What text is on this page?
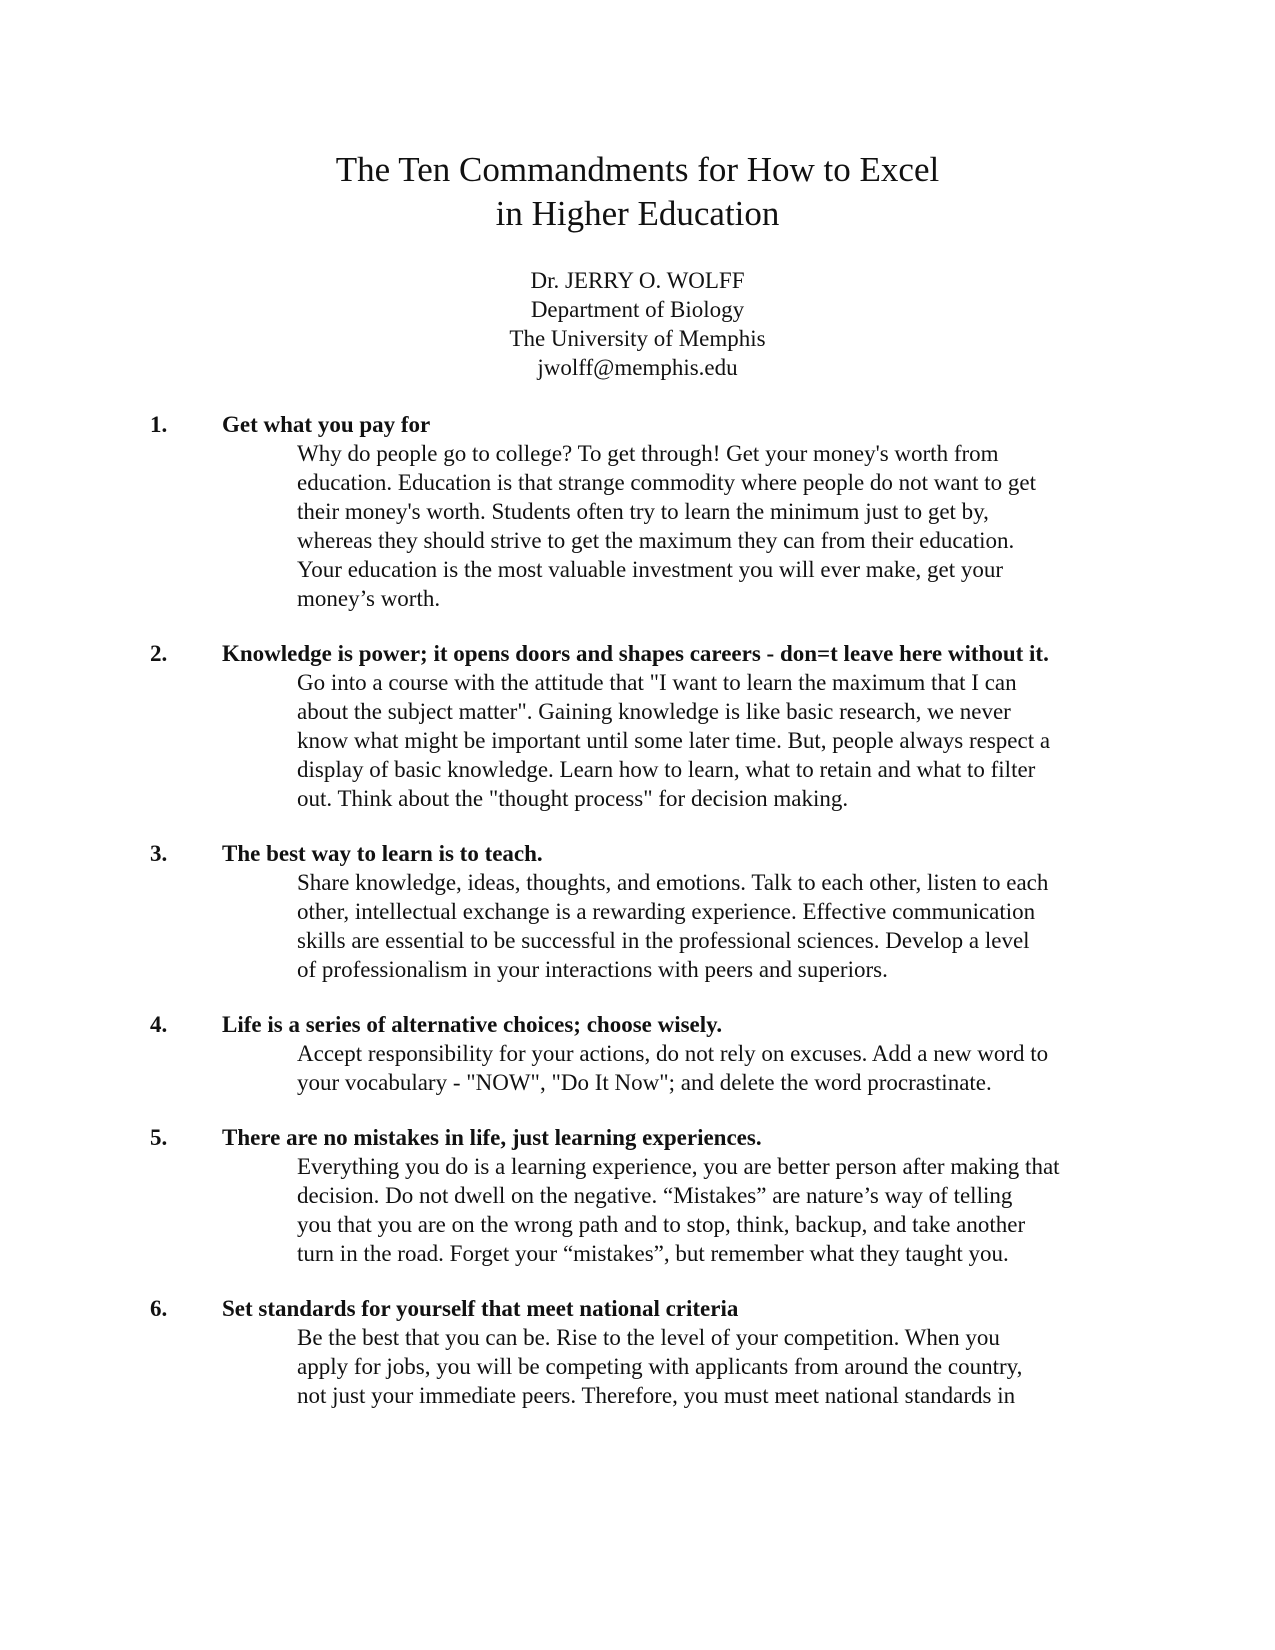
The Ten Commandments for How to Excel
in Higher Education
Dr. JERRY O. WOLFF
Department of Biology
The University of Memphis
jwolff@memphis.edu
1. Get what you pay for
Why do people go to college? To get through! Get your money's worth from
education. Education is that strange commodity where people do not want to get
their money's worth. Students often try to learn the minimum just to get by,
whereas they should strive to get the maximum they can from their education.
Your education is the most valuable investment you will ever make, get your
money’s worth.
2. Knowledge is power; it opens doors and shapes careers - don=t leave here without it.
Go into a course with the attitude that "I want to learn the maximum that I can
about the subject matter". Gaining knowledge is like basic research, we never
know what might be important until some later time. But, people always respect a
display of basic knowledge. Learn how to learn, what to retain and what to filter
out. Think about the "thought process" for decision making.
3. The best way to learn is to teach.
Share knowledge, ideas, thoughts, and emotions. Talk to each other, listen to each
other, intellectual exchange is a rewarding experience. Effective communication
skills are essential to be successful in the professional sciences. Develop a level
of professionalism in your interactions with peers and superiors.
4. Life is a series of alternative choices; choose wisely.
Accept responsibility for your actions, do not rely on excuses. Add a new word to
your vocabulary - "NOW", "Do It Now"; and delete the word procrastinate.
5. There are no mistakes in life, just learning experiences.
Everything you do is a learning experience, you are better person after making that
decision. Do not dwell on the negative. “Mistakes” are nature’s way of telling
you that you are on the wrong path and to stop, think, backup, and take another
turn in the road. Forget your “mistakes”, but remember what they taught you.
6. Set standards for yourself that meet national criteria
Be the best that you can be. Rise to the level of your competition. When you
apply for jobs, you will be competing with applicants from around the country,
not just your immediate peers. Therefore, you must meet national standards in
